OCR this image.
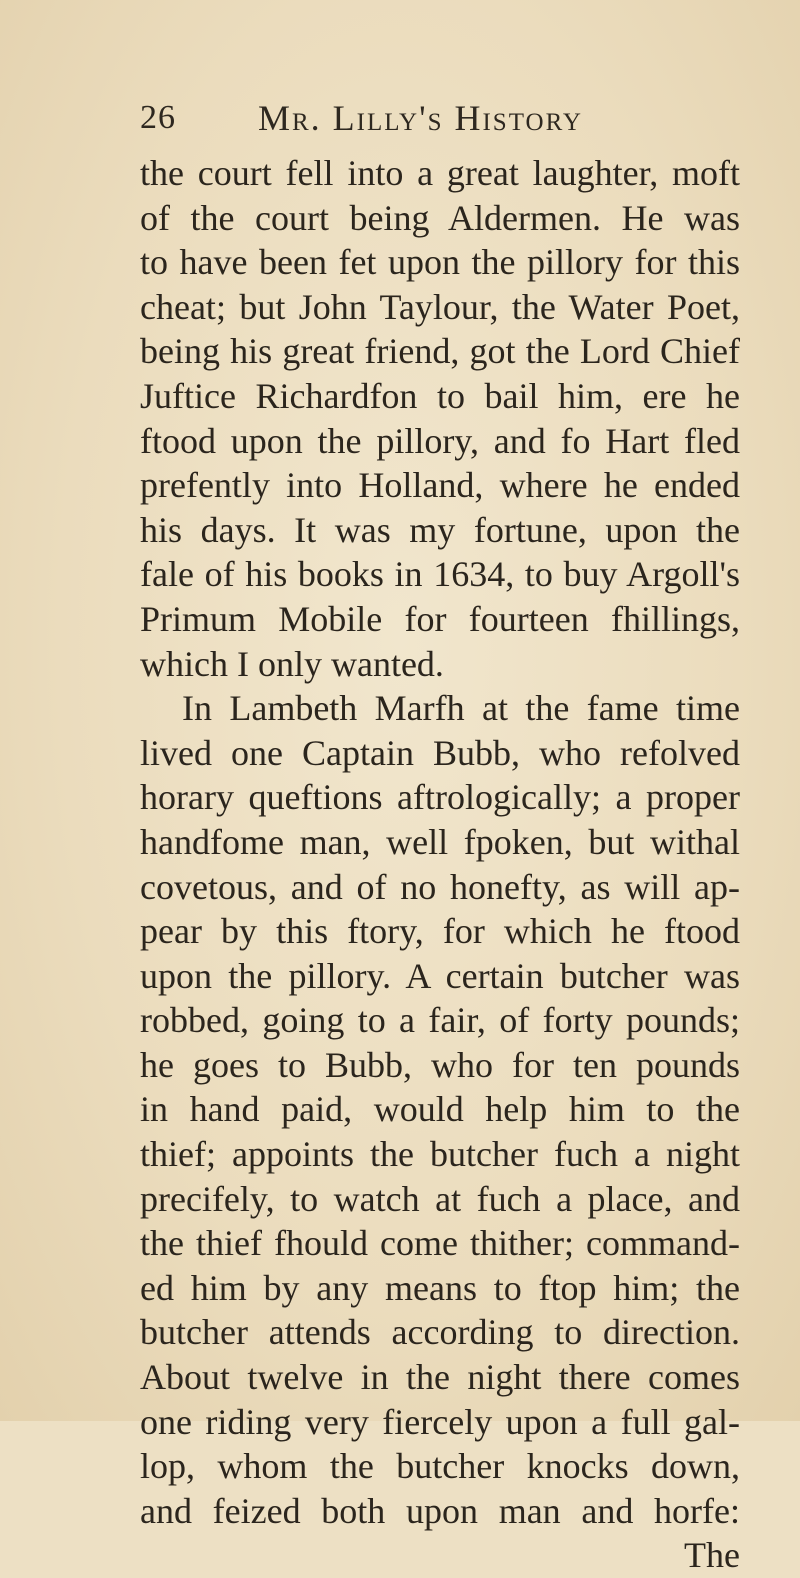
26 Mr. Lilly's History
the court fell into a great laughter, moft
of the court being Aldermen. He was
to have been fet upon the pillory for this
cheat; but John Taylour, the Water Poet,
being his great friend, got the Lord Chief
Juftice Richardfon to bail him, ere he
ftood upon the pillory, and fo Hart fled
prefently into Holland, where he ended
his days. It was my fortune, upon the
fale of his books in 1634, to buy Argoll's
Primum Mobile for fourteen fhillings,
which I only wanted.
In Lambeth Marfh at the fame time
lived one Captain Bubb, who refolved
horary queftions aftrologically; a proper
handfome man, well fpoken, but withal
covetous, and of no honefty, as will ap-
pear by this ftory, for which he ftood
upon the pillory. A certain butcher was
robbed, going to a fair, of forty pounds;
he goes to Bubb, who for ten pounds
in hand paid, would help him to the
thief; appoints the butcher fuch a night
precifely, to watch at fuch a place, and
the thief fhould come thither; command-
ed him by any means to ftop him; the
butcher attends according to direction.
About twelve in the night there comes
one riding very fiercely upon a full gal-
lop, whom the butcher knocks down,
and feized both upon man and horfe:
The
